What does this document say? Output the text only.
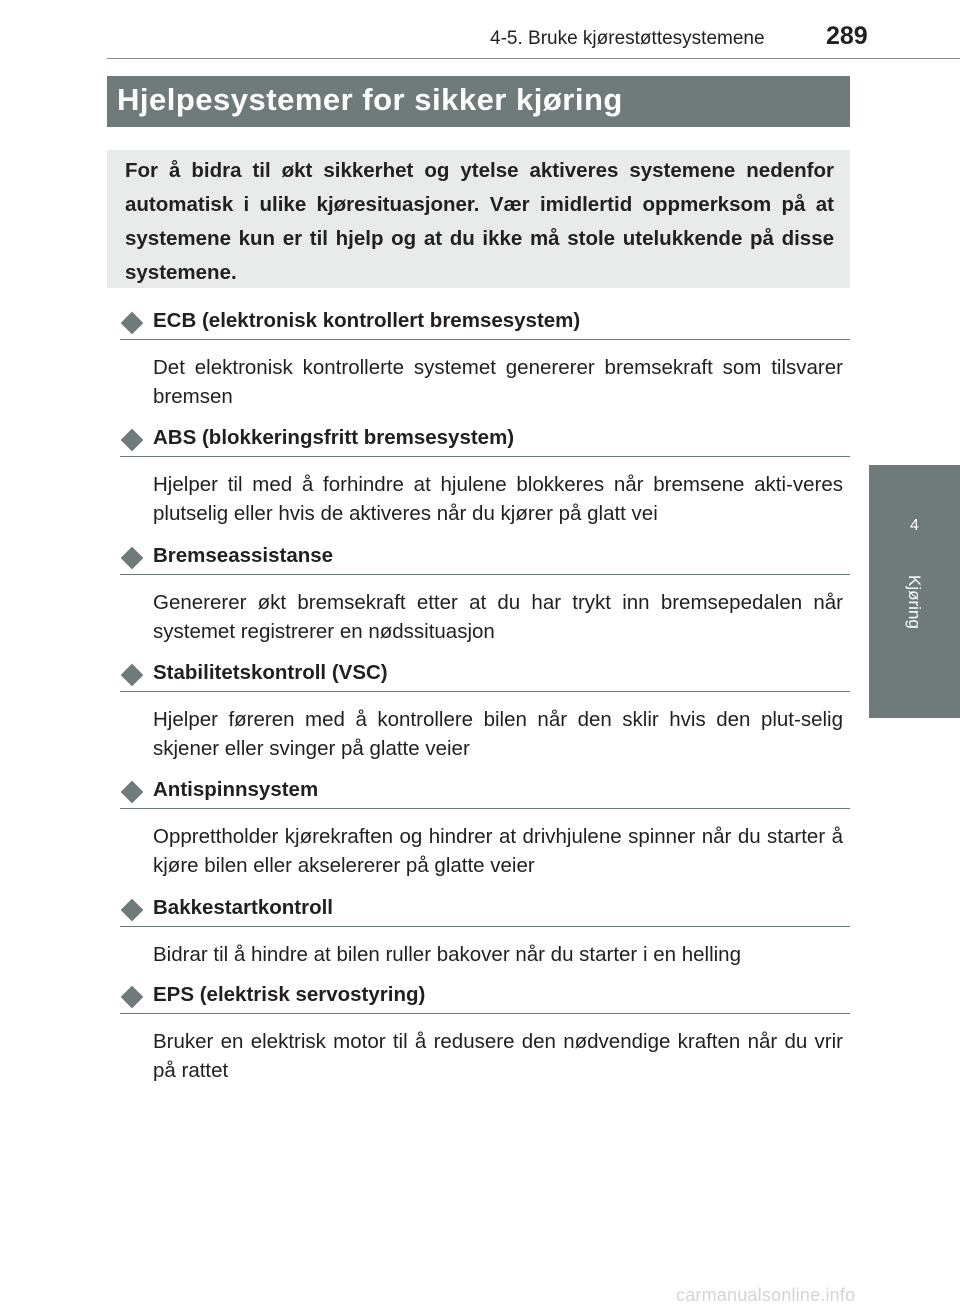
4-5. Bruke kjørestøttesystemene 289
Hjelpesystemer for sikker kjøring
For å bidra til økt sikkerhet og ytelse aktiveres systemene nedenfor automatisk i ulike kjøresituasjoner. Vær imidlertid oppmerksom på at systemene kun er til hjelp og at du ikke må stole utelukkende på disse systemene.
4
Kjøring
ECB (elektronisk kontrollert bremsesystem)
Det elektronisk kontrollerte systemet genererer bremsekraft som tilsvarer bremsen
ABS (blokkeringsfritt bremsesystem)
Hjelper til med å forhindre at hjulene blokkeres når bremsene akti-veres plutselig eller hvis de aktiveres når du kjører på glatt vei
Bremseassistanse
Genererer økt bremsekraft etter at du har trykt inn bremsepedalen når systemet registrerer en nødssituasjon
Stabilitetskontroll (VSC)
Hjelper føreren med å kontrollere bilen når den sklir hvis den plut-selig skjener eller svinger på glatte veier
Antispinnsystem
Opprettholder kjørekraften og hindrer at drivhjulene spinner når du starter å kjøre bilen eller akselererer på glatte veier
Bakkestartkontroll
Bidrar til å hindre at bilen ruller bakover når du starter i en helling
EPS (elektrisk servostyring)
Bruker en elektrisk motor til å redusere den nødvendige kraften når du vrir på rattet
carmanualsonline.info
